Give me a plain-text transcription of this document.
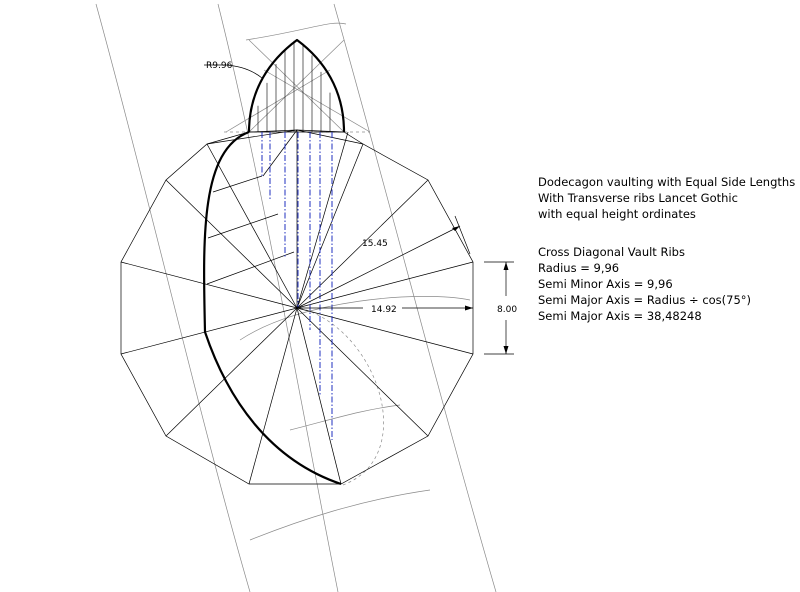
R9.96
15.45
14.92	8.00
Dodecagon vaulting with Equal Side Lengths
With Transverse ribs Lancet Gothic
with equal height ordinates
Cross Diagonal Vault Ribs
Radius = 9,96
Semi Minor Axis = 9,96
Semi Major Axis = Radius ÷ cos(75°)
Semi Major Axis = 38,48248
